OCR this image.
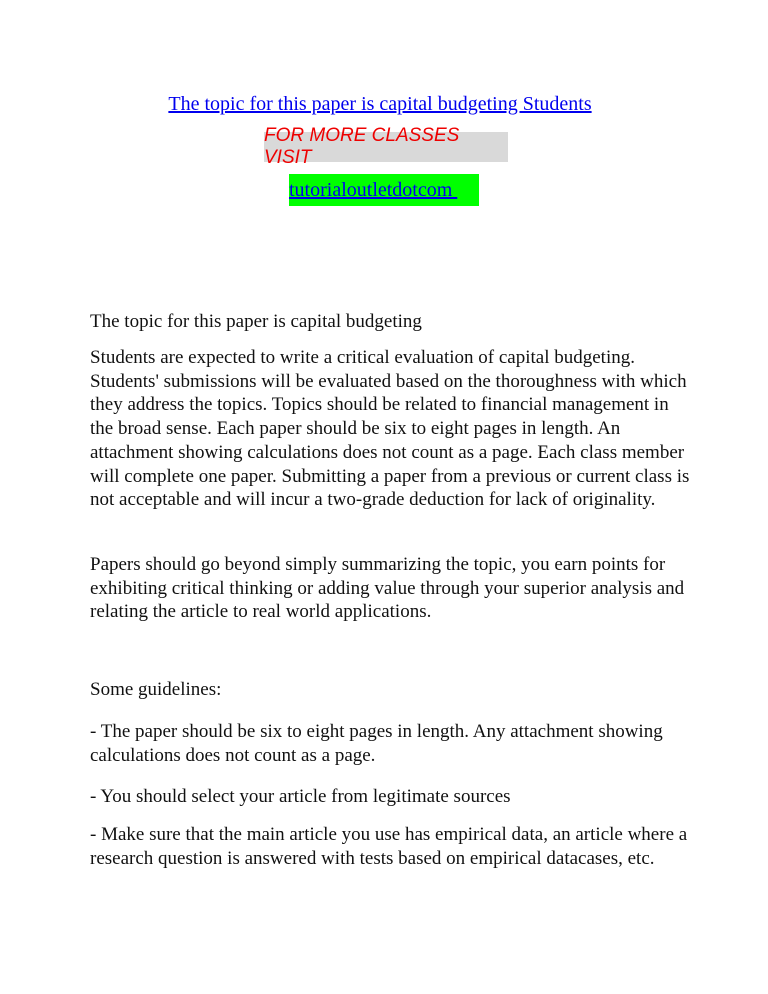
The topic for this paper is capital budgeting Students
FOR MORE CLASSES VISIT
tutorialoutletdotcom

The topic for this paper is capital budgeting

Students are expected to write a critical evaluation of capital budgeting. Students' submissions will be evaluated based on the thoroughness with which they address the topics. Topics should be related to financial management in the broad sense. Each paper should be six to eight pages in length. An attachment showing calculations does not count as a page. Each class member will complete one paper. Submitting a paper from a previous or current class is not acceptable and will incur a two-grade deduction for lack of originality.

Papers should go beyond simply summarizing the topic, you earn points for exhibiting critical thinking or adding value through your superior analysis and relating the article to real world applications.

Some guidelines:

- The paper should be six to eight pages in length. Any attachment showing calculations does not count as a page.

- You should select your article from legitimate sources

- Make sure that the main article you use has empirical data, an article where a research question is answered with tests based on empirical datacases, etc.
